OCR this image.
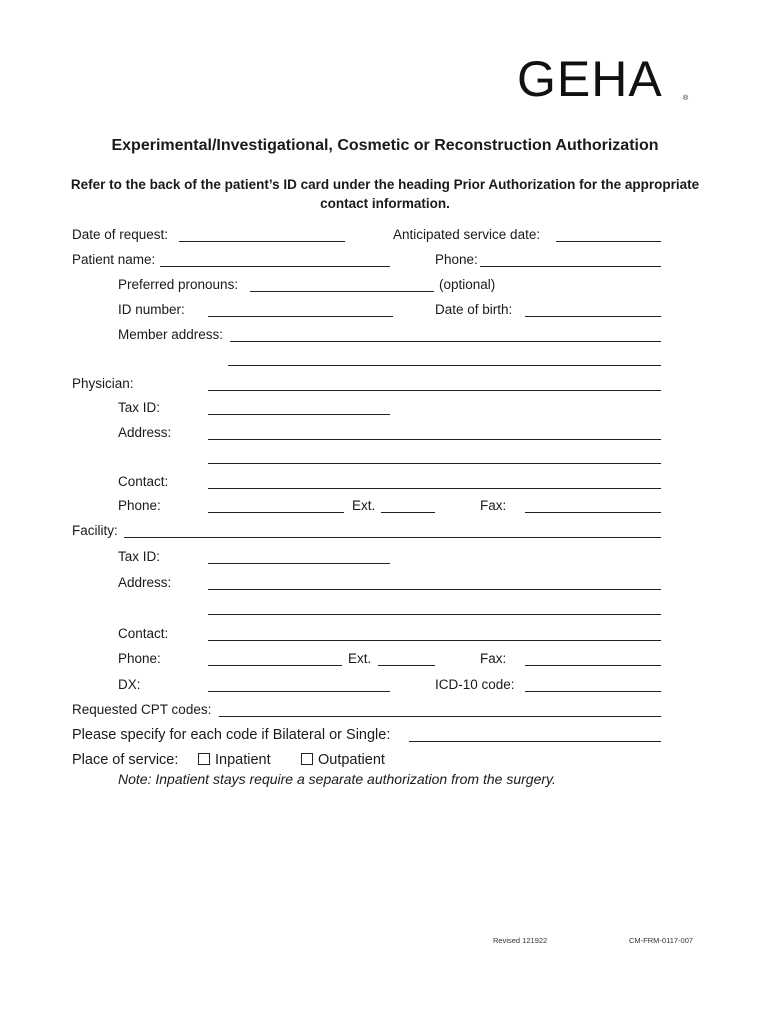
GEHA	®
Experimental/Investigational, Cosmetic or Reconstruction Authorization
Refer to the back of the patient’s ID card under the heading Prior Authorization for the appropriate contact information.
Date of request:	Anticipated service date:
Patient name:	Phone:
Preferred pronouns:	(optional)
ID number:	Date of birth:
Member address:
Physician:
Tax ID:
Address:
Contact:
Phone:	Ext.	Fax:
Facility:
Tax ID:
Address:
Contact:
Phone:	Ext.	Fax:
DX:	ICD-10 code:
Requested CPT codes:
Please specify for each code if Bilateral or Single:
Place of service:	Inpatient	Outpatient
Note: Inpatient stays require a separate authorization from the surgery.
Revised 121922	CM-FRM-0117-007
